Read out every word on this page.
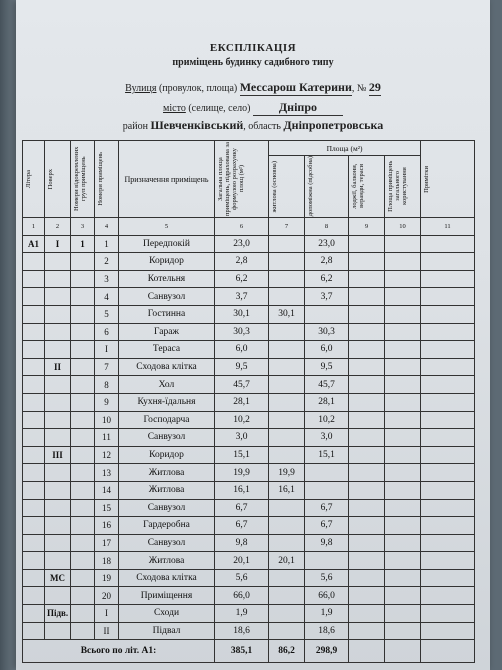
ЕКСПЛІКАЦІЯ
приміщень будинку садибного типу
Вулиця (провулок, площа) Мессарош Катерини, № 29
місто (селище, село) Дніпро
район Шевченківський, область Дніпропетровська
Літера	Поверх	Номери відокремлених груп приміщень	Номери приміщень	Призначення приміщень	Загальна площа приміщень, підрахована за формулою розрахунку площ (м²)	Площа (м²)				Примітки

						житлова (основна)	допоміжна (підсобна)	лоджії, балкони, веранди, тераси	Площа приміщень загального користування	

1	2	3	4	5	6	7	8	9	10	11
А1	І	1	1	Передпокій	23,0		23,0			
			2	Коридор	2,8		2,8			
			3	Котельня	6,2		6,2			
			4	Санвузол	3,7		3,7			
			5	Гостинна	30,1	30,1				
			6	Гараж	30,3		30,3			
			I	Тераса	6,0		6,0			
	ІІ		7	Сходова клітка	9,5		9,5			
			8	Хол	45,7		45,7			
			9	Кухня-їдальня	28,1		28,1			
			10	Господарча	10,2		10,2			
			11	Санвузол	3,0		3,0			
	ІІІ		12	Коридор	15,1		15,1			
			13	Житлова	19,9	19,9				
			14	Житлова	16,1	16,1				
			15	Санвузол	6,7		6,7			
			16	Гардеробна	6,7		6,7			
			17	Санвузол	9,8		9,8			
			18	Житлова	20,1	20,1				
	МС		19	Сходова клітка	5,6		5,6			
			20	Приміщення	66,0		66,0			
	Підв.		I	Сходи	1,9		1,9			
			II	Підвал	18,6		18,6			
Всього по літ. А1:					385,1	86,2	298,9			
